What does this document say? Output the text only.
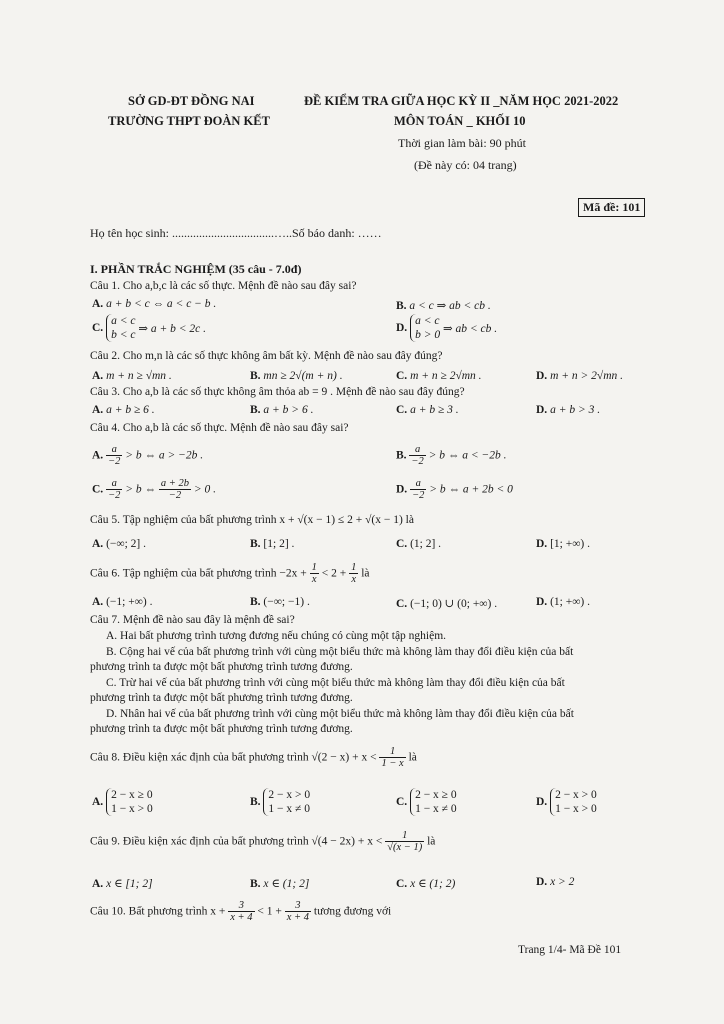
SỞ GD-ĐT ĐỒNG NAI
TRƯỜNG THPT ĐOÀN KẾT
ĐỀ KIỂM TRA GIỮA HỌC KỲ II _NĂM HỌC 2021-2022
MÔN TOÁN _ KHỐI 10
Thời gian làm bài: 90 phút
(Đề này có: 04 trang)
Mã đề: 101
Họ tên học sinh: ..................................…..Số báo danh: ……
I. PHẦN TRẮC NGHIỆM (35 câu - 7.0đ)
Câu 1. Cho a,b,c là các số thực. Mệnh đề nào sau đây sai?
A. a + b < c ⇔ a < c − b .	B. a < c ⇒ ab < cb .
C.
a < c
b < c ⇒ a + b < 2c .	D.
a < c
b > 0 ⇒ ab < cb .
Câu 2. Cho m,n là các số thực không âm bất kỳ. Mệnh đề nào sau đây đúng?
A. m + n ≥ √mn .	B. mn ≥ 2√(m + n) .	C. m + n ≥ 2√mn .	D. m + n > 2√mn .
Câu 3. Cho a,b là các số thực không âm thỏa ab = 9 . Mệnh đề nào sau đây đúng?
A. a + b ≥ 6 .	B. a + b > 6 .	C. a + b ≥ 3 .	D. a + b > 3 .
Câu 4. Cho a,b là các số thực. Mệnh đề nào sau đây sai?
A. $\frac{a}{-2} > b$ ⇔ a > −2b .	B. $\frac{a}{-2} > b$ ⇔ a < −2b .
C. $\frac{a}{-2} > b$ ⇔ $\frac{a + 2b}{-2} > 0$ .	D. $\frac{a}{-2} > b$ ⇔ a + 2b < 0
Câu 5. Tập nghiệm của bất phương trình x + √(x − 1) ≤ 2 + √(x − 1) là
A. (−∞; 2] .	B. [1; 2] .	C. (1; 2] .	D. [1; +∞) .
Câu 6. Tập nghiệm của bất phương trình $-2x + \frac{1}{x} < 2 + \frac{1}{x}$ là
A. (−1; +∞) .	B. (−∞; −1) .	C. (−1; 0) ∪ (0; +∞) .	D. (1; +∞) .
Câu 7. Mệnh đề nào sau đây là mệnh đề sai?
A. Hai bất phương trình tương đương nếu chúng có cùng một tập nghiệm.
B. Cộng hai vế của bất phương trình với cùng một biểu thức mà không làm thay đổi điều kiện của bất
phương trình ta được một bất phương trình tương đương.
C. Trừ hai vế của bất phương trình với cùng một biểu thức mà không làm thay đổi điều kiện của bất
phương trình ta được một bất phương trình tương đương.
D. Nhân hai vế của bất phương trình với cùng một biểu thức mà không làm thay đổi điều kiện của bất
phương trình ta được một bất phương trình tương đương.
Câu 8. Điều kiện xác định của bất phương trình $√(2 - x) + x < \frac{1}{1 - x}$ là
A.
2 − x ≥ 0
1 − x > 0
B.
2 − x > 0
1 − x ≠ 0
C.
2 − x ≥ 0
1 − x ≠ 0
D.
2 − x > 0
1 − x > 0
Câu 9. Điều kiện xác định của bất phương trình $√(4 - 2x) + x < \frac{1}{√(x - 1)}$ là
A. x ∈ [1; 2]	B. x ∈ (1; 2]	C. x ∈ (1; 2)	D. x > 2
Câu 10. Bất phương trình $x + \frac{3}{x + 4} < 1 + \frac{3}{x + 4}$ tương đương với
Trang 1/4- Mã Đề 101
